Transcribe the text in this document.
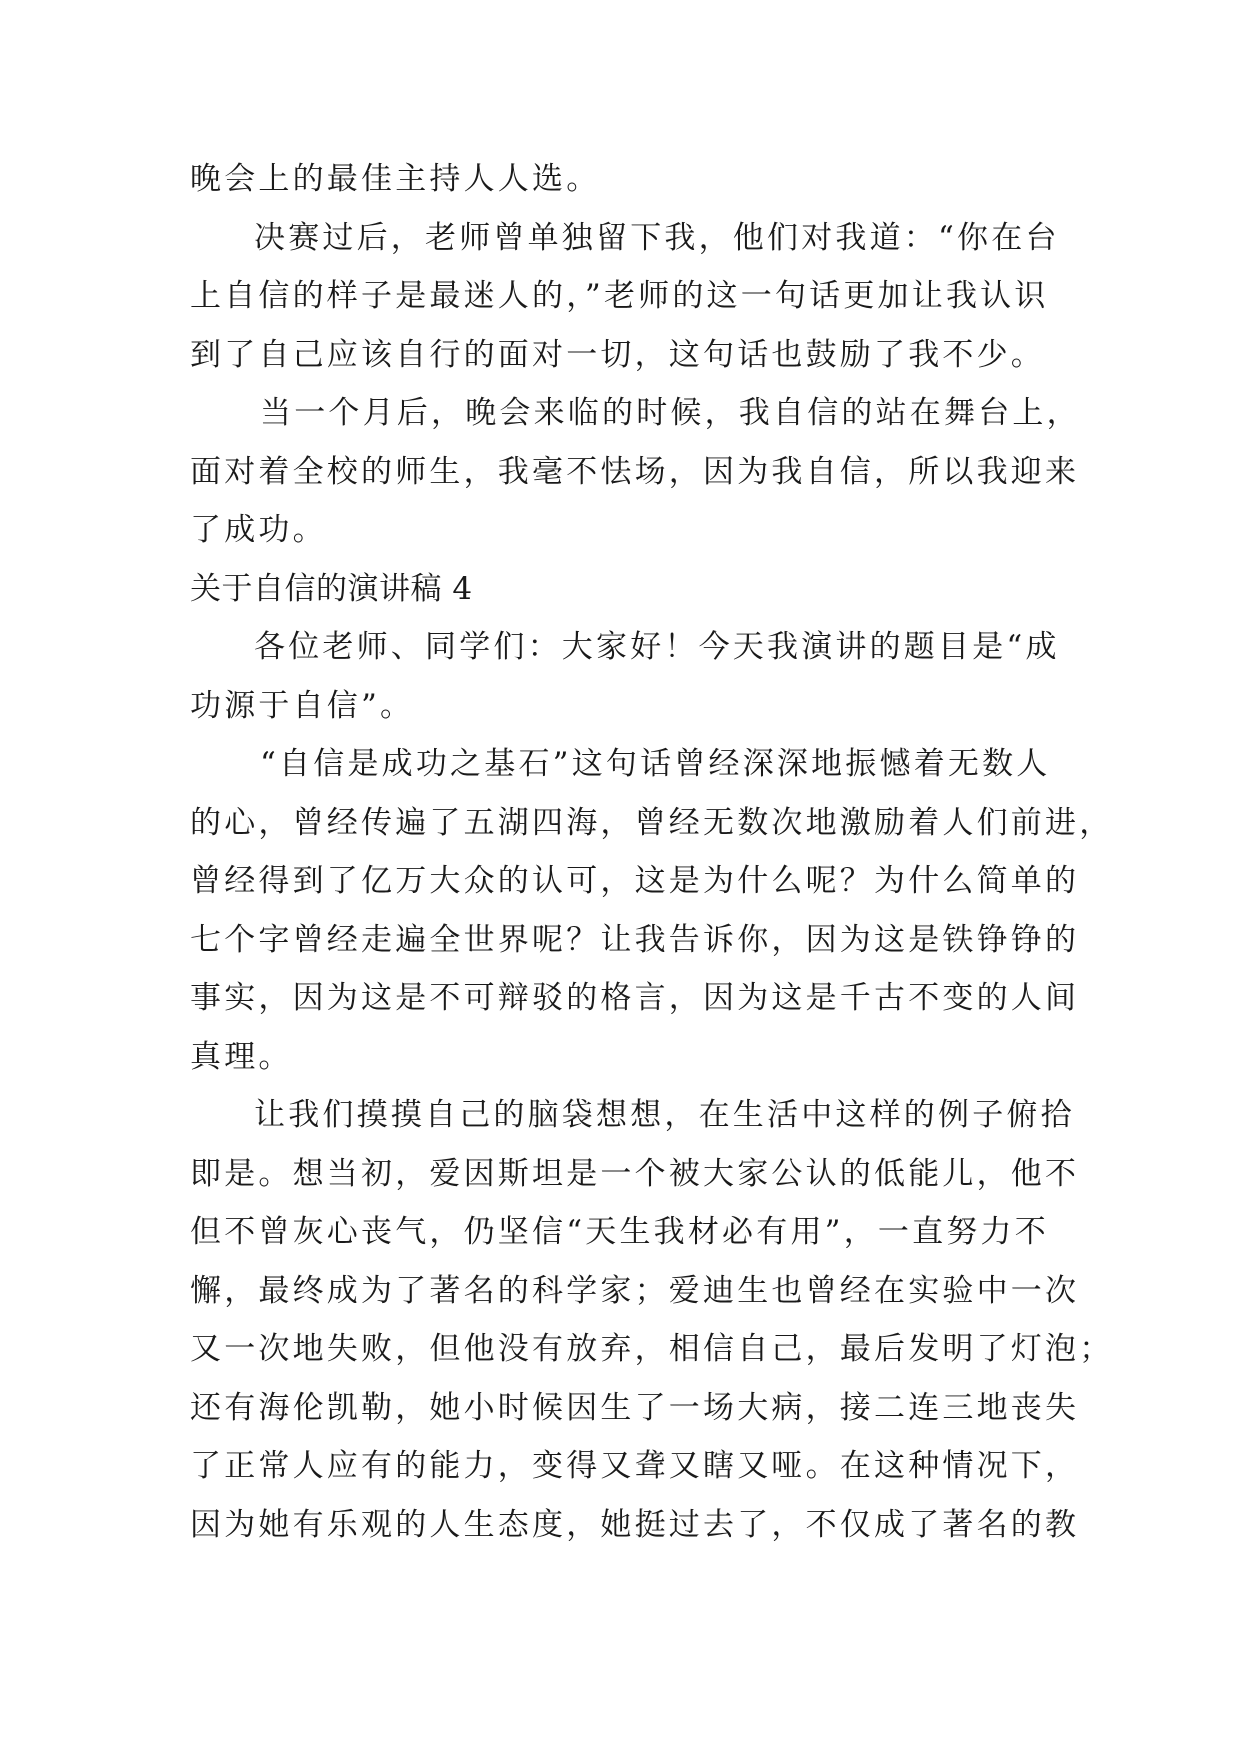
晚会上的最佳主持人人选。
决赛过后，老师曾单独留下我，他们对我道：“你在台
上自信的样子是最迷人的，”老师的这一句话更加让我认识
到了自己应该自行的面对一切，这句话也鼓励了我不少。
当一个月后，晚会来临的时候，我自信的站在舞台上，
面对着全校的师生，我毫不怯场，因为我自信，所以我迎来
了成功。
关于自信的演讲稿 4
各位老师、同学们：大家好！今天我演讲的题目是“成
功源于自信”。
“自信是成功之基石”这句话曾经深深地振憾着无数人
的心，曾经传遍了五湖四海，曾经无数次地激励着人们前进，
曾经得到了亿万大众的认可，这是为什么呢？为什么简单的
七个字曾经走遍全世界呢？让我告诉你，因为这是铁铮铮的
事实，因为这是不可辩驳的格言，因为这是千古不变的人间
真理。
让我们摸摸自己的脑袋想想，在生活中这样的例子俯拾
即是。想当初，爱因斯坦是一个被大家公认的低能儿，他不
但不曾灰心丧气，仍坚信“天生我材必有用”，一直努力不
懈，最终成为了著名的科学家；爱迪生也曾经在实验中一次
又一次地失败，但他没有放弃，相信自己，最后发明了灯泡；
还有海伦凯勒，她小时候因生了一场大病，接二连三地丧失
了正常人应有的能力，变得又聋又瞎又哑。在这种情况下，
因为她有乐观的人生态度，她挺过去了，不仅成了著名的教
